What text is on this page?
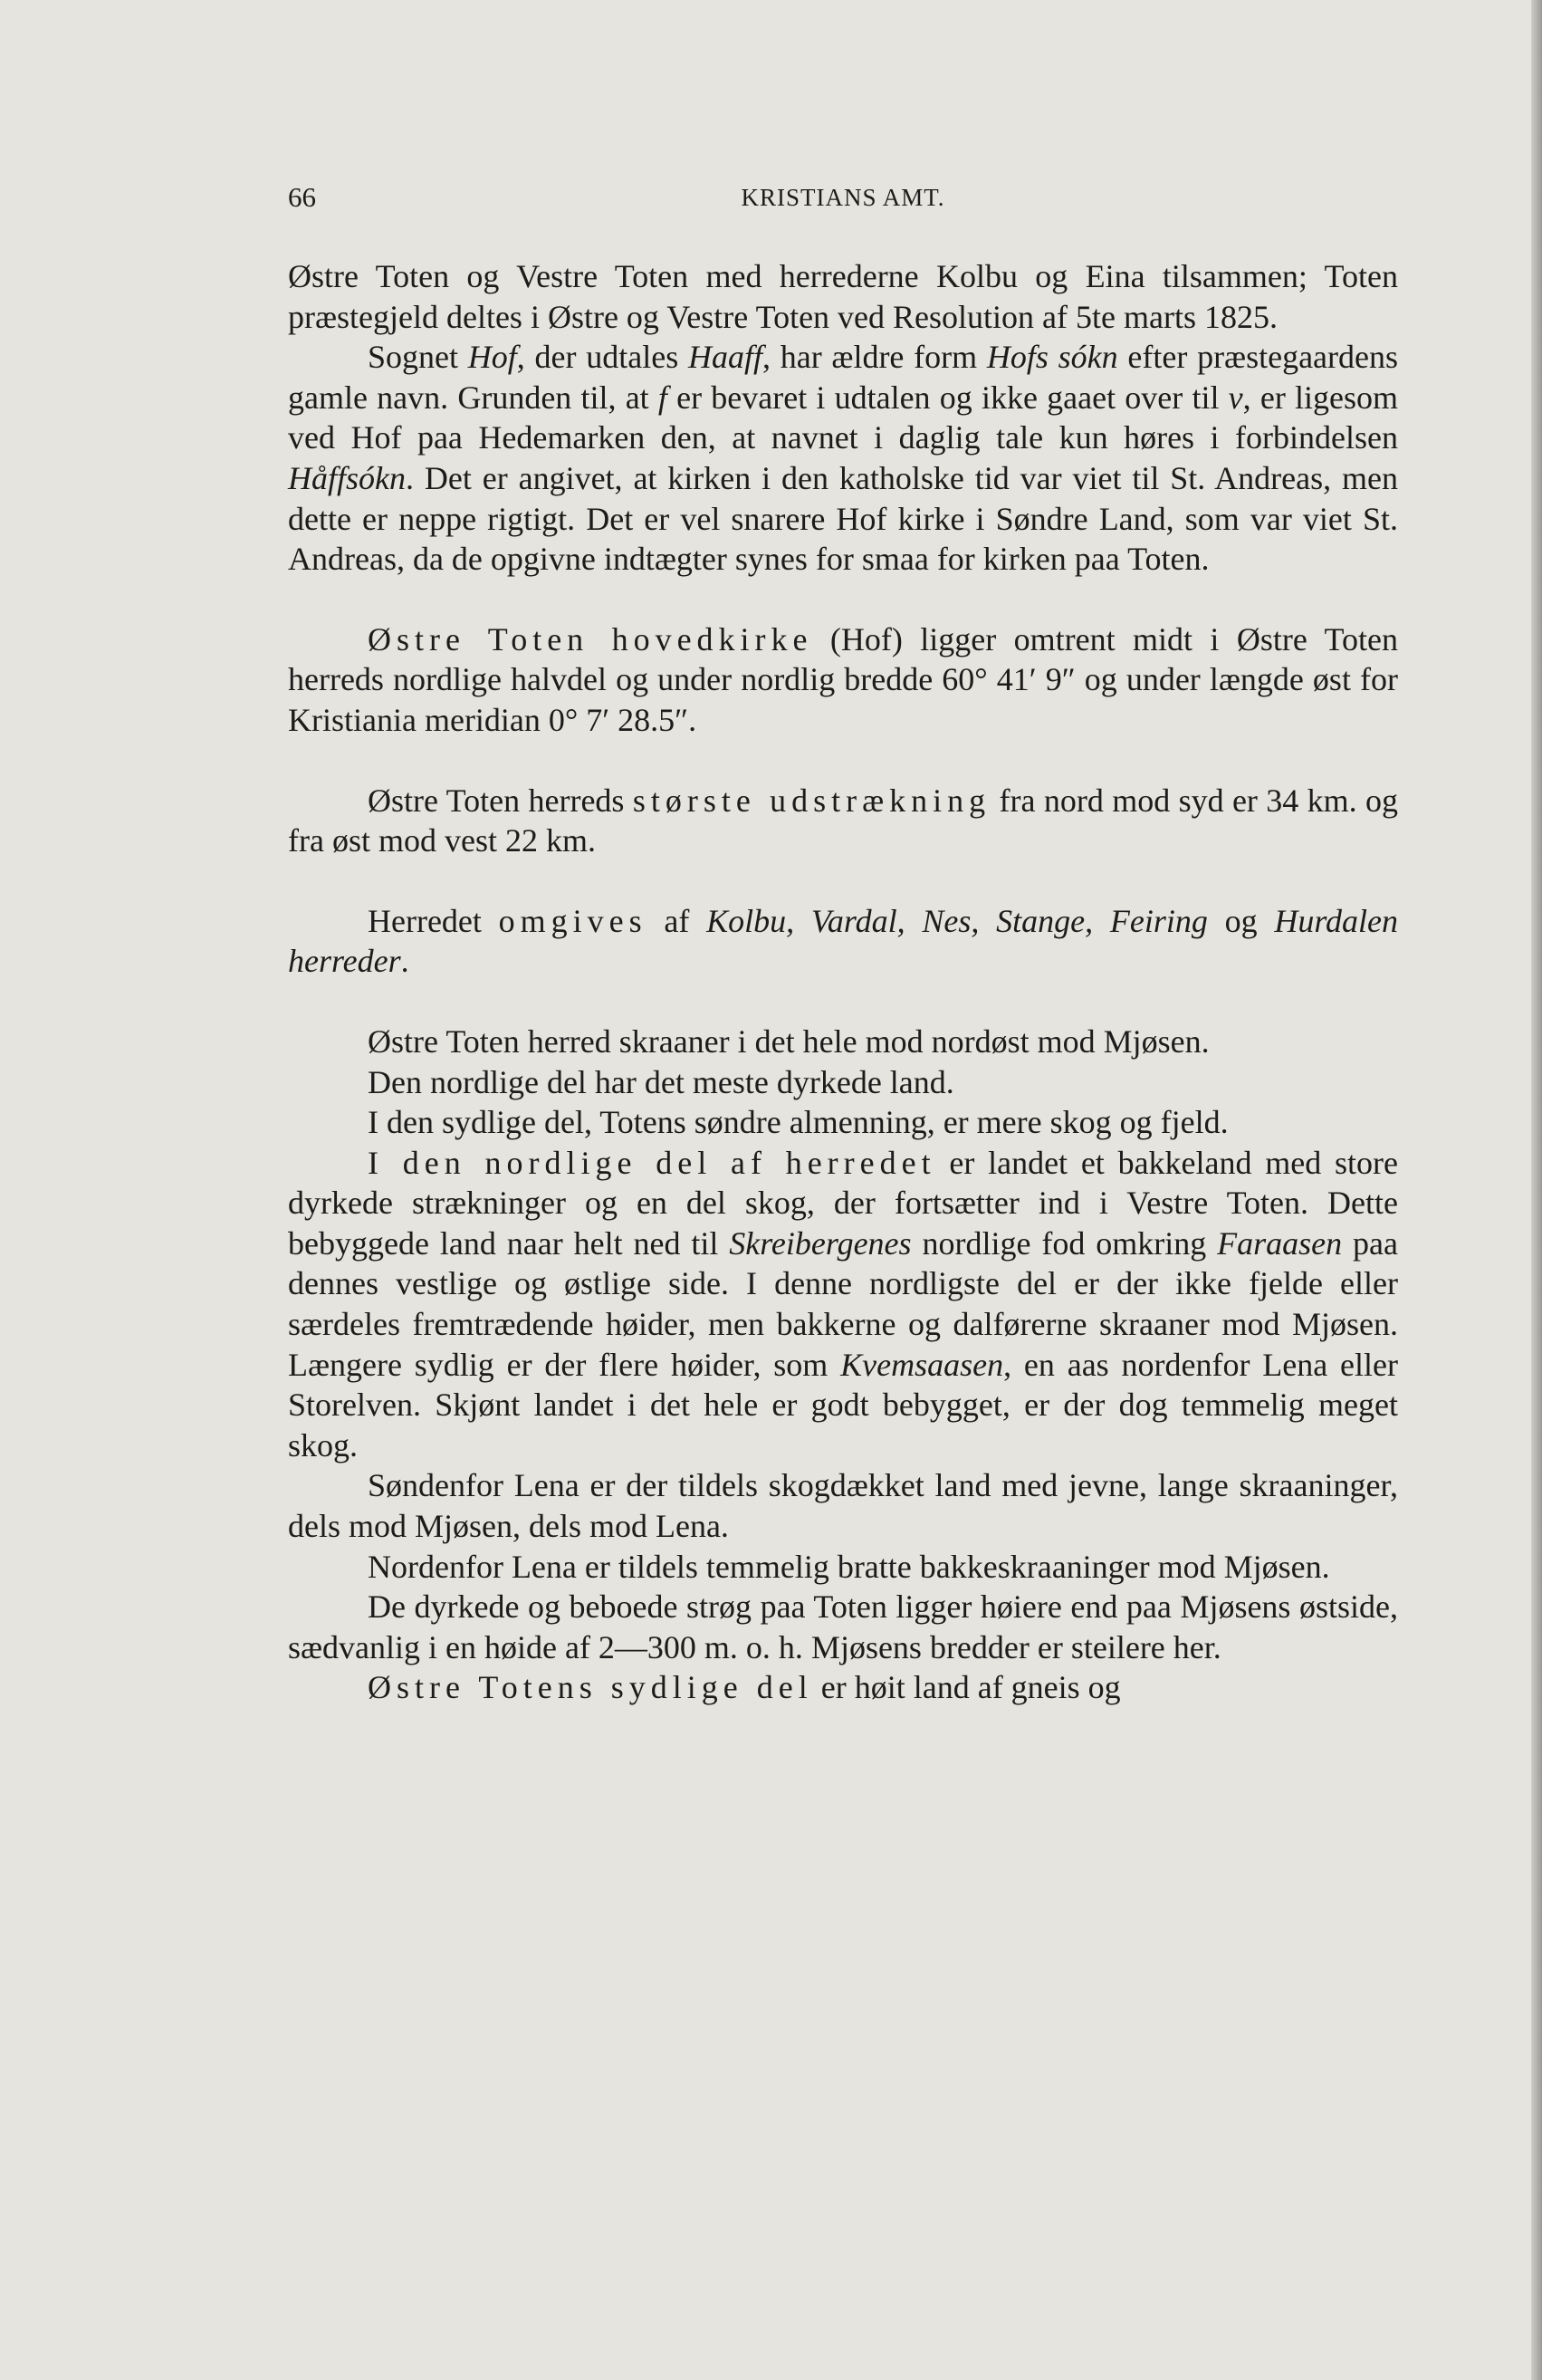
66	KRISTIANS AMT.

Østre Toten og Vestre Toten med herrederne Kolbu og Eina tilsammen; Toten præstegjeld deltes i Østre og Vestre Toten ved Resolution af 5te marts 1825.

Sognet Hof, der udtales Haaff, har ældre form Hofs sókn efter præstegaardens gamle navn. Grunden til, at f er bevaret i udtalen og ikke gaaet over til v, er ligesom ved Hof paa Hedemarken den, at navnet i daglig tale kun høres i forbindelsen Håffsókn. Det er angivet, at kirken i den katholske tid var viet til St. Andreas, men dette er neppe rigtigt. Det er vel snarere Hof kirke i Søndre Land, som var viet St. Andreas, da de opgivne indtægter synes for smaa for kirken paa Toten.

Østre Toten hovedkirke (Hof) ligger omtrent midt i Østre Toten herreds nordlige halvdel og under nordlig bredde 60° 41′ 9″ og under længde øst for Kristiania meridian 0° 7′ 28.5″.

Østre Toten herreds største udstrækning fra nord mod syd er 34 km. og fra øst mod vest 22 km.

Herredet omgives af Kolbu, Vardal, Nes, Stange, Feiring og Hurdalen herreder.

Østre Toten herred skraaner i det hele mod nordøst mod Mjøsen.

Den nordlige del har det meste dyrkede land.

I den sydlige del, Totens søndre almenning, er mere skog og fjeld.

I den nordlige del af herredet er landet et bakkeland med store dyrkede strækninger og en del skog, der fortsætter ind i Vestre Toten. Dette bebyggede land naar helt ned til Skreibergenes nordlige fod omkring Faraasen paa dennes vestlige og østlige side. I denne nordligste del er der ikke fjelde eller særdeles fremtrædende høider, men bakkerne og dalførerne skraaner mod Mjøsen. Længere sydlig er der flere høider, som Kvemsaasen, en aas nordenfor Lena eller Storelven. Skjønt landet i det hele er godt bebygget, er der dog temmelig meget skog.

Søndenfor Lena er der tildels skogdækket land med jevne, lange skraaninger, dels mod Mjøsen, dels mod Lena.

Nordenfor Lena er tildels temmelig bratte bakkeskraaninger mod Mjøsen.

De dyrkede og beboede strøg paa Toten ligger høiere end paa Mjøsens østside, sædvanlig i en høide af 2—300 m. o. h. Mjøsens bredder er steilere her.

Østre Totens sydlige del er høit land af gneis og
